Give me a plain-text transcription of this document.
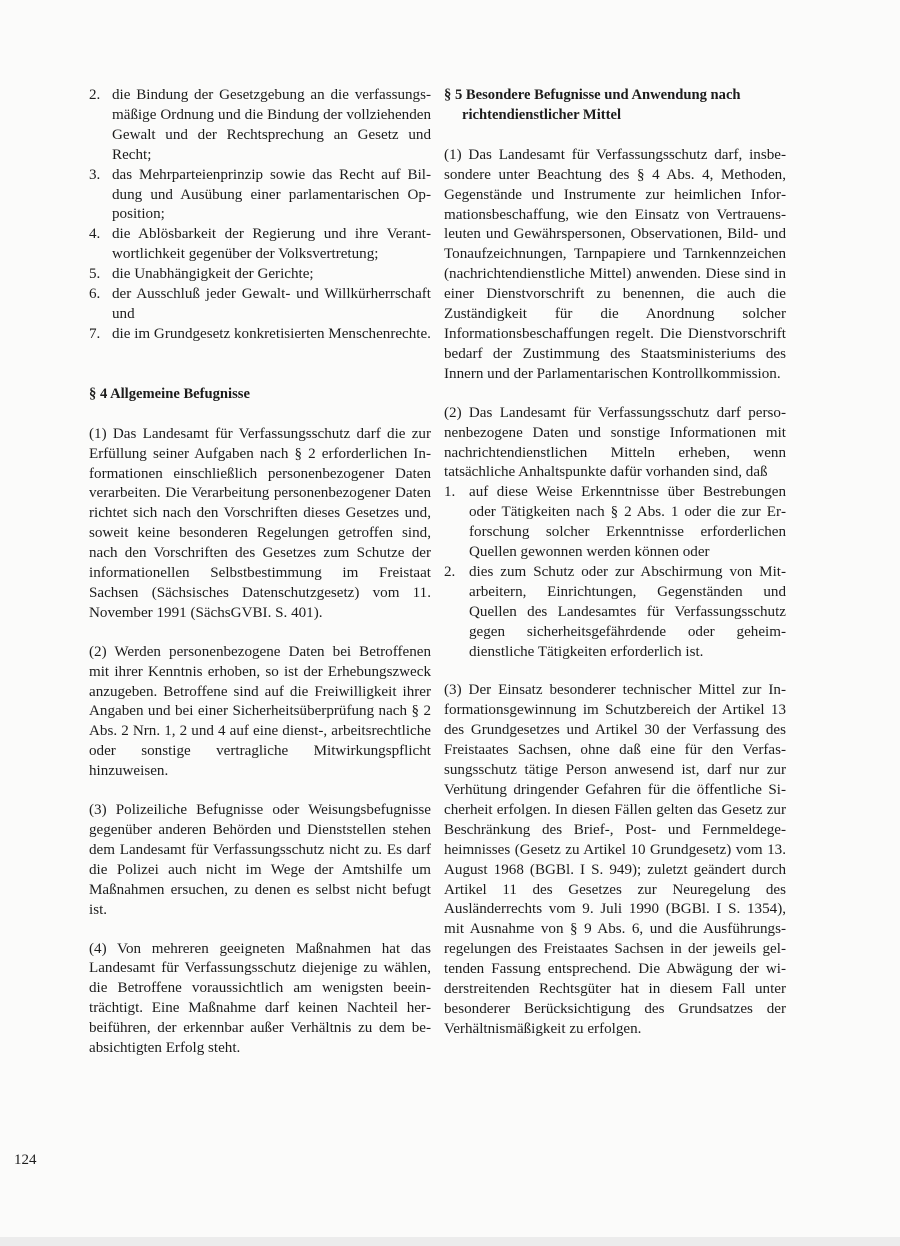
2. die Bindung der Gesetzgebung an die verfassungsmäßige Ordnung und die Bindung der vollziehenden Gewalt und der Rechtsprechung an Gesetz und Recht;
3. das Mehrparteienprinzip sowie das Recht auf Bildung und Ausübung einer parlamentarischen Opposition;
4. die Ablösbarkeit der Regierung und ihre Verantwortlichkeit gegenüber der Volksvertretung;
5. die Unabhängigkeit der Gerichte;
6. der Ausschluß jeder Gewalt- und Willkürherrschaft und
7. die im Grundgesetz konkretisierten Menschenrechte.
§ 4 Allgemeine Befugnisse

(1) Das Landesamt für Verfassungsschutz darf die zur Erfüllung seiner Aufgaben nach § 2 erforderlichen Informationen einschließlich personenbezogener Daten verarbeiten. Die Verarbeitung personenbezogener Daten richtet sich nach den Vorschriften dieses Gesetzes und, soweit keine besonderen Regelungen getroffen sind, nach den Vorschriften des Gesetzes zum Schutze der informationellen Selbstbestimmung im Freistaat Sachsen (Sächsisches Datenschutzgesetz) vom 11. November 1991 (SächsGVBI. S. 401).

(2) Werden personenbezogene Daten bei Betroffenen mit ihrer Kenntnis erhoben, so ist der Erhebungszweck anzugeben. Betroffene sind auf die Freiwilligkeit ihrer Angaben und bei einer Sicherheitsüberprüfung nach § 2 Abs. 2 Nrn. 1, 2 und 4 auf eine dienst-, arbeitsrechtliche oder sonstige vertragliche Mitwirkungspflicht hinzuweisen.

(3) Polizeiliche Befugnisse oder Weisungsbefugnisse gegenüber anderen Behörden und Dienststellen stehen dem Landesamt für Verfassungsschutz nicht zu. Es darf die Polizei auch nicht im Wege der Amtshilfe um Maßnahmen ersuchen, zu denen es selbst nicht befugt ist.

(4) Von mehreren geeigneten Maßnahmen hat das Landesamt für Verfassungsschutz diejenige zu wählen, die Betroffene voraussichtlich am wenigsten beeinträchtigt. Eine Maßnahme darf keinen Nachteil herbeiführen, der erkennbar außer Verhältnis zu dem beabsichtigten Erfolg steht.

§ 5 Besondere Befugnisse und Anwendung nach
richtendienstlicher Mittel

(1) Das Landesamt für Verfassungsschutz darf, insbesondere unter Beachtung des § 4 Abs. 4, Methoden, Gegenstände und Instrumente zur heimlichen Informationsbeschaffung, wie den Einsatz von Vertrauensleuten und Gewährspersonen, Observationen, Bild- und Tonaufzeichnungen, Tarnpapiere und Tarnkennzeichen (nachrichtendienstliche Mittel) anwenden. Diese sind in einer Dienstvorschrift zu benennen, die auch die Zuständigkeit für die Anordnung solcher Informationsbeschaffungen regelt. Die Dienstvorschrift bedarf der Zustimmung des Staatsministeriums des Innern und der Parlamentarischen Kontrollkommission.

(2) Das Landesamt für Verfassungsschutz darf personenbezogene Daten und sonstige Informationen mit nachrichtendienstlichen Mitteln erheben, wenn tatsächliche Anhaltspunkte dafür vorhanden sind, daß

1. auf diese Weise Erkenntnisse über Bestrebungen oder Tätigkeiten nach § 2 Abs. 1 oder die zur Erforschung solcher Erkenntnisse erforderlichen Quellen gewonnen werden können oder
2. dies zum Schutz oder zur Abschirmung von Mitarbeitern, Einrichtungen, Gegenständen und Quellen des Landesamtes für Verfassungsschutz gegen sicherheitsgefährdende oder geheimdienstliche Tätigkeiten erforderlich ist.

(3) Der Einsatz besonderer technischer Mittel zur Informationsgewinnung im Schutzbereich der Artikel 13 des Grundgesetzes und Artikel 30 der Verfassung des Freistaates Sachsen, ohne daß eine für den Verfassungsschutz tätige Person anwesend ist, darf nur zur Verhütung dringender Gefahren für die öffentliche Sicherheit erfolgen. In diesen Fällen gelten das Gesetz zur Beschränkung des Brief-, Post- und Fernmeldegeheimnisses (Gesetz zu Artikel 10 Grundgesetz) vom 13. August 1968 (BGBl. I S. 949); zuletzt geändert durch Artikel 11 des Gesetzes zur Neuregelung des Ausländerrechts vom 9. Juli 1990 (BGBl. I S. 1354), mit Ausnahme von § 9 Abs. 6, und die Ausführungsregelungen des Freistaates Sachsen in der jeweils geltenden Fassung entsprechend. Die Abwägung der widerstreitenden Rechtsgüter hat in diesem Fall unter besonderer Berücksichtigung des Grundsatzes der Verhältnismäßigkeit zu erfolgen.

124
